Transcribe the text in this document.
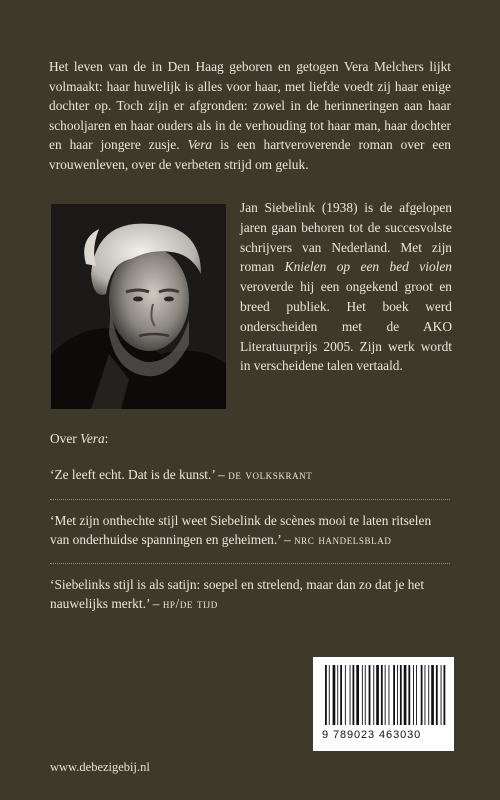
Het leven van de in Den Haag geboren en getogen Vera Melchers lijkt volmaakt: haar huwelijk is alles voor haar, met liefde voedt zij haar enige dochter op. Toch zijn er afgronden: zowel in de herinneringen aan haar schooljaren en haar ouders als in de verhouding tot haar man, haar dochter en haar jongere zusje. Vera is een hartveroverende roman over een vrouwenleven, over de verbeten strijd om geluk.

Jan Siebelink (1938) is de afgelopen jaren gaan behoren tot de succesvolste schrijvers van Nederland. Met zijn roman Knielen op een bed violen veroverde hij een ongekend groot en breed publiek. Het boek werd onderscheiden met de AKO Literatuurprijs 2005. Zijn werk wordt in verscheidene talen vertaald.

Over Vera:

‘Ze leeft echt. Dat is de kunst.’ – de volkskrant

‘Met zijn onthechte stijl weet Siebelink de scènes mooi te laten ritselen van onderhuidse spanningen en geheimen.’ – nrc handelsblad

‘Siebelinks stijl is als satijn: soepel en strelend, maar dan zo dat je het nauwelijks merkt.’ – hp/de tijd

9 789023 463030

www.debezigebij.nl
